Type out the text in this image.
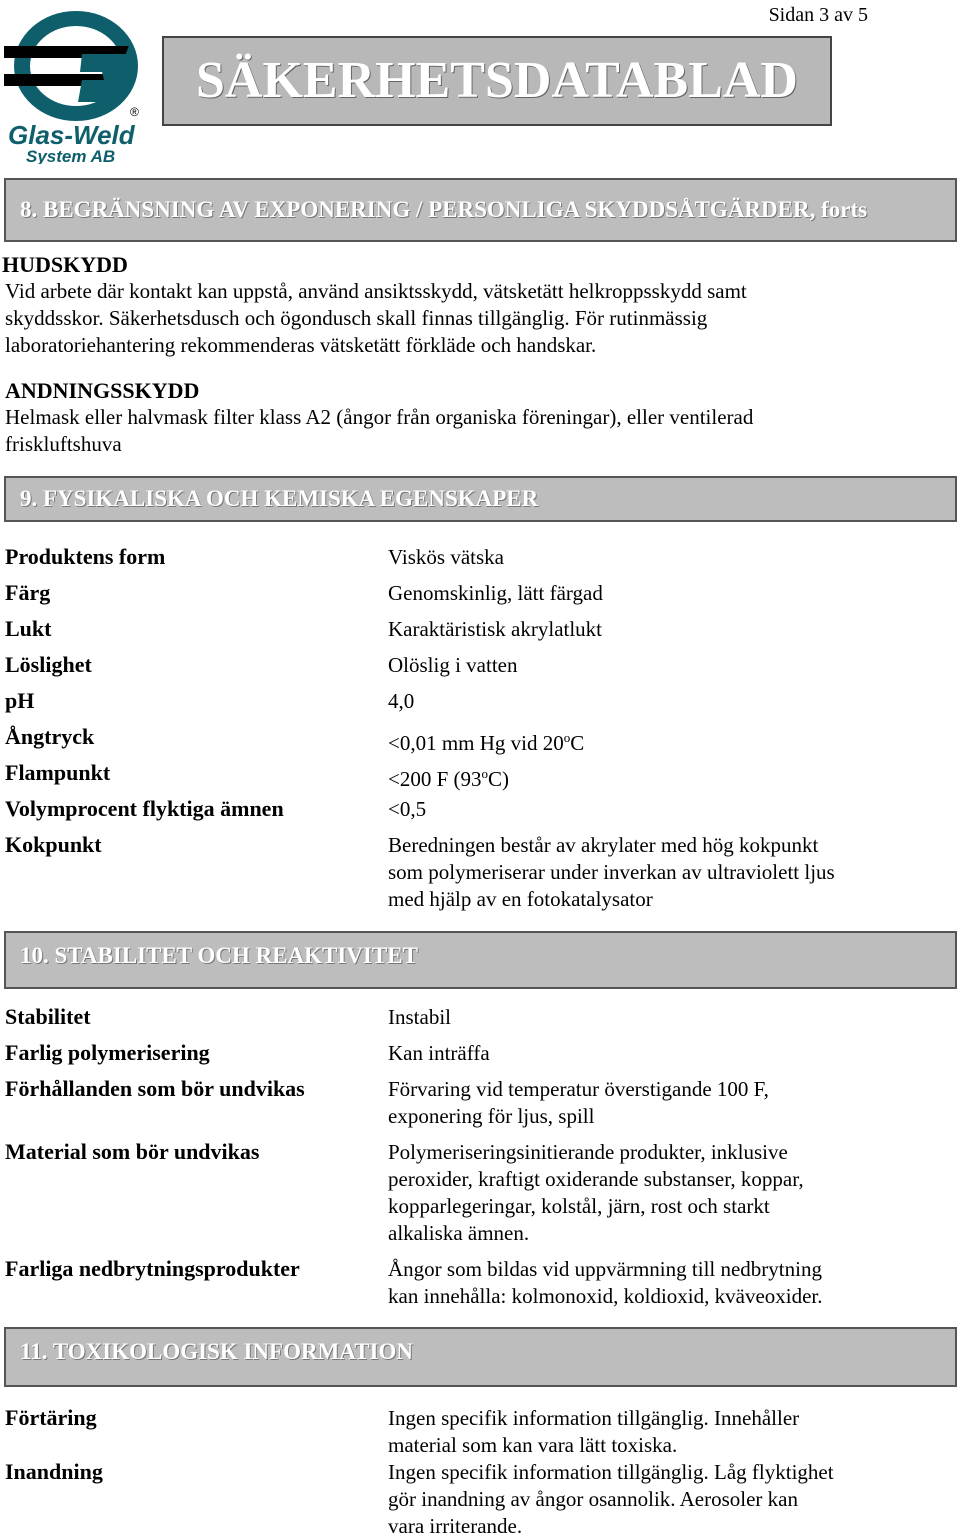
Sidan 3 av 5
Glas-Weld
System AB
®
SÄKERHETSDATABLAD
8. BEGRÄNSNING AV EXPONERING / PERSONLIGA SKYDDSÅTGÄRDER, forts
HUDSKYDD
Vid arbete där kontakt kan uppstå, använd ansiktsskydd, vätsketätt helkroppsskydd samt
skyddsskor. Säkerhetsdusch och ögondusch skall finnas tillgänglig. För rutinmässig
laboratoriehantering rekommenderas vätsketätt förkläde och handskar.
ANDNINGSSKYDD
Helmask eller halvmask filter klass A2 (ångor från organiska föreningar), eller ventilerad
friskluftshuva
9. FYSIKALISKA OCH KEMISKA EGENSKAPER
Produktens form	Viskös vätska
Färg	Genomskinlig, lätt färgad
Lukt	Karaktäristisk akrylatlukt
Löslighet	Olöslig i vatten
pH	4,0
Ångtryck	<0,01 mm Hg vid 20$^o$C
Flampunkt	<200 F (93$^o$C)
Volymprocent flyktiga ämnen	<0,5
Kokpunkt	Beredningen består av akrylater med hög kokpunkt
som polymeriserar under inverkan av ultraviolett ljus
med hjälp av en fotokatalysator
10. STABILITET OCH REAKTIVITET
Stabilitet	Instabil
Farlig polymerisering	Kan inträffa
Förhållanden som bör undvikas	Förvaring vid temperatur överstigande 100 F,
exponering för ljus, spill
Material som bör undvikas	Polymeriseringsinitierande produkter, inklusive
peroxider, kraftigt oxiderande substanser, koppar,
kopparlegeringar, kolstål, järn, rost och starkt
alkaliska ämnen.
Farliga nedbrytningsprodukter	Ångor som bildas vid uppvärmning till nedbrytning
kan innehålla: kolmonoxid, koldioxid, kväveoxider.
11. TOXIKOLOGISK INFORMATION
Förtäring	Ingen specifik information tillgänglig. Innehåller
material som kan vara lätt toxiska.
Inandning	Ingen specifik information tillgänglig. Låg flyktighet
gör inandning av ångor osannolik. Aerosoler kan
vara irriterande.
